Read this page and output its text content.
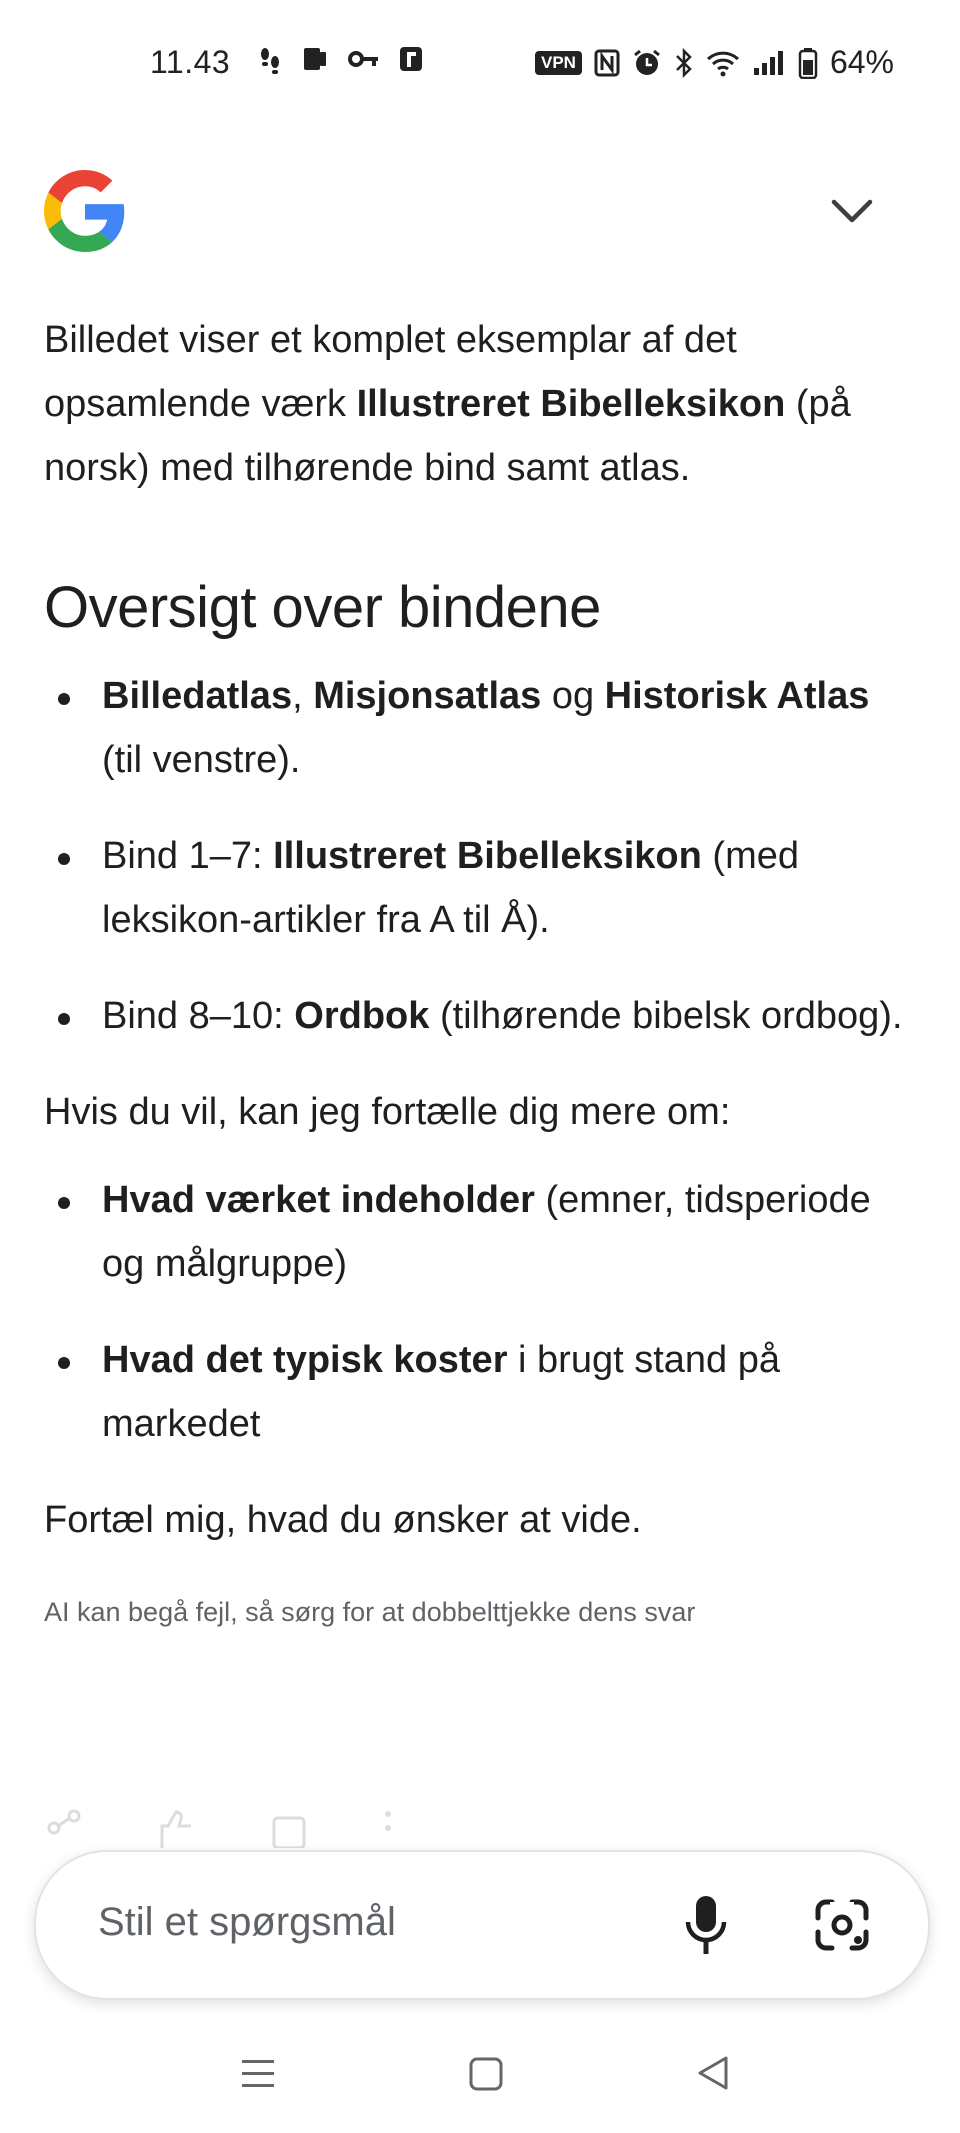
11.43	VPN	64%

Billedet viser et komplet eksemplar af det opsamlende værk Illustreret Bibelleksikon (på norsk) med tilhørende bind samt atlas.

Oversigt over bindene
Billedatlas, Misjonsatlas og Historisk Atlas (til venstre).
Bind 1–7: Illustreret Bibelleksikon (med leksikon-artikler fra A til Å).
Bind 8–10: Ordbok (tilhørende bibelsk ordbog).

Hvis du vil, kan jeg fortælle dig mere om:

Hvad værket indeholder (emner, tidsperiode og målgruppe)
Hvad det typisk koster i brugt stand på markedet

Fortæl mig, hvad du ønsker at vide.

AI kan begå fejl, så sørg for at dobbelttjekke dens svar
Stil et spørgsmål
